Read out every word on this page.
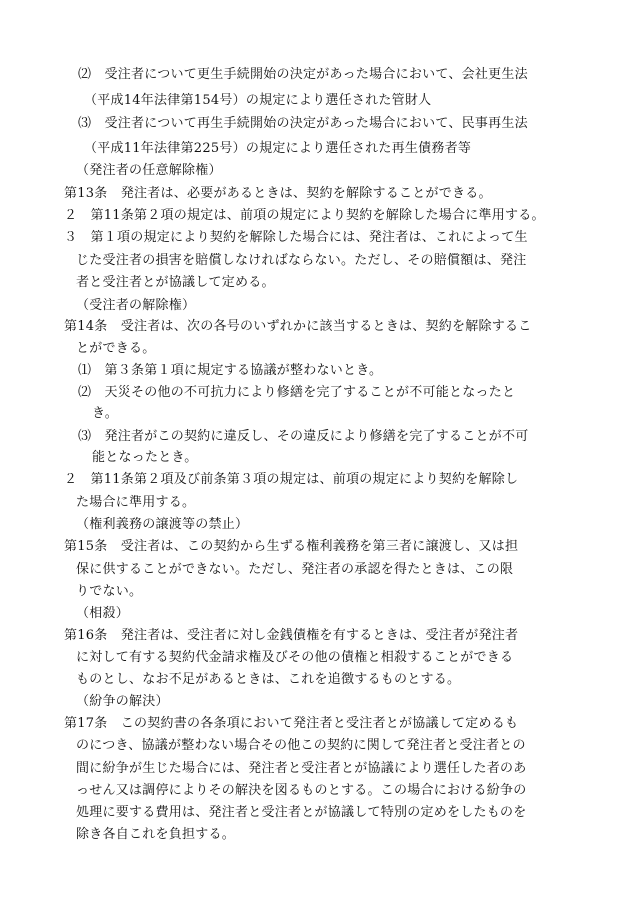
⑵　受注者について更生手続開始の決定があった場合において、会社更生法
（平成14年法律第154号）の規定により選任された管財人
⑶　受注者について再生手続開始の決定があった場合において、民事再生法
（平成11年法律第225号）の規定により選任された再生債務者等
（発注者の任意解除権）
第13条　発注者は、必要があるときは、契約を解除することができる。
２　第11条第２項の規定は、前項の規定により契約を解除した場合に準用する。
３　第１項の規定により契約を解除した場合には、発注者は、これによって生
じた受注者の損害を賠償しなければならない。ただし、その賠償額は、発注
者と受注者とが協議して定める。
（受注者の解除権）
第14条　受注者は、次の各号のいずれかに該当するときは、契約を解除するこ
とができる。
⑴　第３条第１項に規定する協議が整わないとき。
⑵　天災その他の不可抗力により修繕を完了することが不可能となったと
き。
⑶　発注者がこの契約に違反し、その違反により修繕を完了することが不可
能となったとき。
２　第11条第２項及び前条第３項の規定は、前項の規定により契約を解除し
た場合に準用する。
（権利義務の譲渡等の禁止）
第15条　受注者は、この契約から生ずる権利義務を第三者に譲渡し、又は担
保に供することができない。ただし、発注者の承認を得たときは、この限
りでない。
（相殺）
第16条　発注者は、受注者に対し金銭債権を有するときは、受注者が発注者
に対して有する契約代金請求権及びその他の債権と相殺することができる
ものとし、なお不足があるときは、これを追徴するものとする。
（紛争の解決）
第17条　この契約書の各条項において発注者と受注者とが協議して定めるも
のにつき、協議が整わない場合その他この契約に関して発注者と受注者との
間に紛争が生じた場合には、発注者と受注者とが協議により選任した者のあ
っせん又は調停によりその解決を図るものとする。この場合における紛争の
処理に要する費用は、発注者と受注者とが協議して特別の定めをしたものを
除き各自これを負担する。
